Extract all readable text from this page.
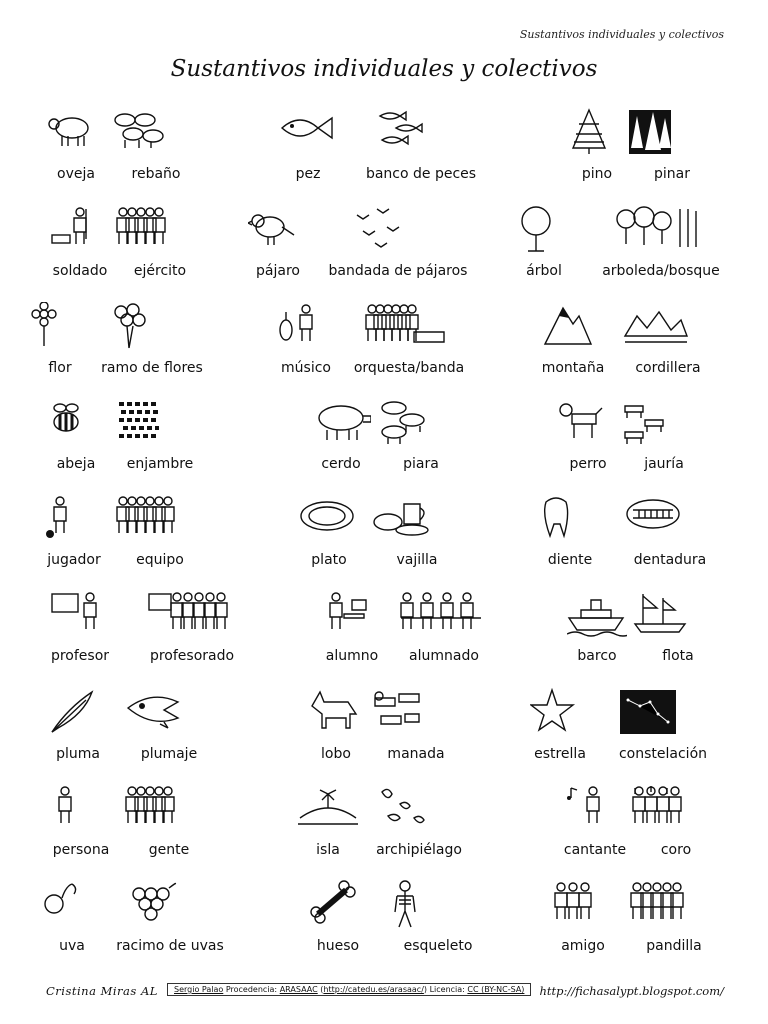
Sustantivos individuales y colectivos
Sustantivos individuales y colectivos
oveja	rebaño	pez	banco de peces	pino	pinar
soldado ejército	pájaro bandada de pájaros	árbol	arboleda/bosque
flor ramo de flores	músico orquesta/banda	montaña cordillera
abeja enjambre	cerdo	piara	perro	jauría
jugador	equipo	plato	vajilla	diente	dentadura
profesor	profesorado	alumno alumnado	barco	flota
pluma	plumaje	lobo	manada	estrella constelación
persona	gente	isla	archipiélago	cantante coro
uva racimo de uvas	hueso	esqueleto	amigo	pandilla
Cristina Miras AL	Sergio Palao Procedencia: ARASAAC (http://catedu.es/arasaac/) Licencia: CC (BY-NC-SA)	http://fichasalypt.blogspot.com/
